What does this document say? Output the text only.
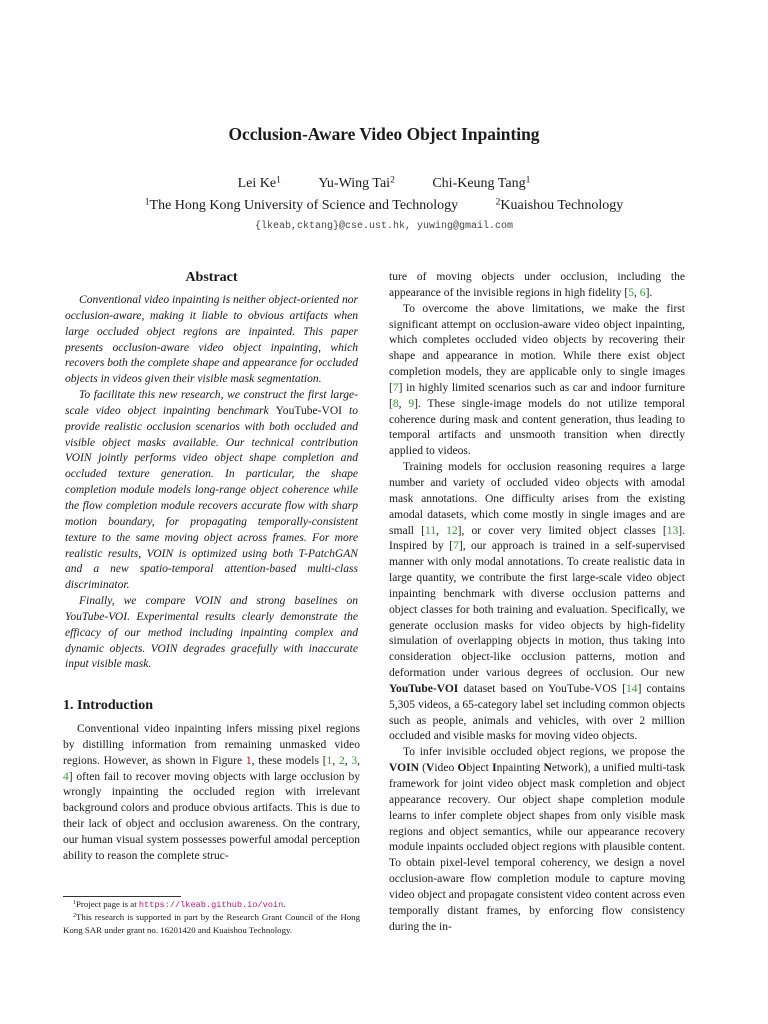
Occlusion-Aware Video Object Inpainting
Lei Ke$^1$	Yu-Wing Tai$^2$	Chi-Keung Tang$^1$
$^1$The Hong Kong University of Science and Technology	$^2$Kuaishou Technology
{lkeab,cktang}@cse.ust.hk, yuwing@gmail.com
Abstract

Conventional video inpainting is neither object-oriented nor occlusion-aware, making it liable to obvious artifacts when large occluded object regions are inpainted. This paper presents occlusion-aware video object inpainting, which recovers both the complete shape and appearance for occluded objects in videos given their visible mask segmentation.

To facilitate this new research, we construct the first large-scale video object inpainting benchmark YouTube-VOI to provide realistic occlusion scenarios with both occluded and visible object masks available. Our technical contribution VOIN jointly performs video object shape completion and occluded texture generation. In particular, the shape completion module models long-range object coherence while the flow completion module recovers accurate flow with sharp motion boundary, for propagating temporally-consistent texture to the same moving object across frames. For more realistic results, VOIN is optimized using both T-PatchGAN and a new spatio-temporal attention-based multi-class discriminator.

Finally, we compare VOIN and strong baselines on YouTube-VOI. Experimental results clearly demonstrate the efficacy of our method including inpainting complex and dynamic objects. VOIN degrades gracefully with inaccurate input visible mask.

1. Introduction

Conventional video inpainting infers missing pixel regions by distilling information from remaining unmasked video regions. However, as shown in Figure 1, these models [1, 2, 3, 4] often fail to recover moving objects with large occlusion by wrongly inpainting the occluded region with irrelevant background colors and produce obvious artifacts. This is due to their lack of object and occlusion awareness. On the contrary, our human visual system possesses powerful amodal perception ability to reason the complete struc-

ture of moving objects under occlusion, including the appearance of the invisible regions in high fidelity [5, 6].

To overcome the above limitations, we make the first significant attempt on occlusion-aware video object inpainting, which completes occluded video objects by recovering their shape and appearance in motion. While there exist object completion models, they are applicable only to single images [7] in highly limited scenarios such as car and indoor furniture [8, 9]. These single-image models do not utilize temporal coherence during mask and content generation, thus leading to temporal artifacts and unsmooth transition when directly applied to videos.

Training models for occlusion reasoning requires a large number and variety of occluded video objects with amodal mask annotations. One difficulty arises from the existing amodal datasets, which come mostly in single images and are small [11, 12], or cover very limited object classes [13]. Inspired by [7], our approach is trained in a self-supervised manner with only modal annotations. To create realistic data in large quantity, we contribute the first large-scale video object inpainting benchmark with diverse occlusion patterns and object classes for both training and evaluation. Specifically, we generate occlusion masks for video objects by high-fidelity simulation of overlapping objects in motion, thus taking into consideration object-like occlusion patterns, motion and deformation under various degrees of occlusion. Our new YouTube-VOI dataset based on YouTube-VOS [14] contains 5,305 videos, a 65-category label set including common objects such as people, animals and vehicles, with over 2 million occluded and visible masks for moving video objects.

To infer invisible occluded object regions, we propose the VOIN (Video Object Inpainting Network), a unified multi-task framework for joint video object mask completion and object appearance recovery. Our object shape completion module learns to infer complete object shapes from only visible mask regions and object semantics, while our appearance recovery module inpaints occluded object regions with plausible content. To obtain pixel-level temporal coherency, we design a novel occlusion-aware flow completion module to capture moving video object and propagate consistent video content across even temporally distant frames, by enforcing flow consistency during the in-

$^1$Project page is at https://lkeab.github.io/voin.

$^2$This research is supported in part by the Research Grant Council of the Hong Kong SAR under grant no. 16201420 and Kuaishou Technology.
